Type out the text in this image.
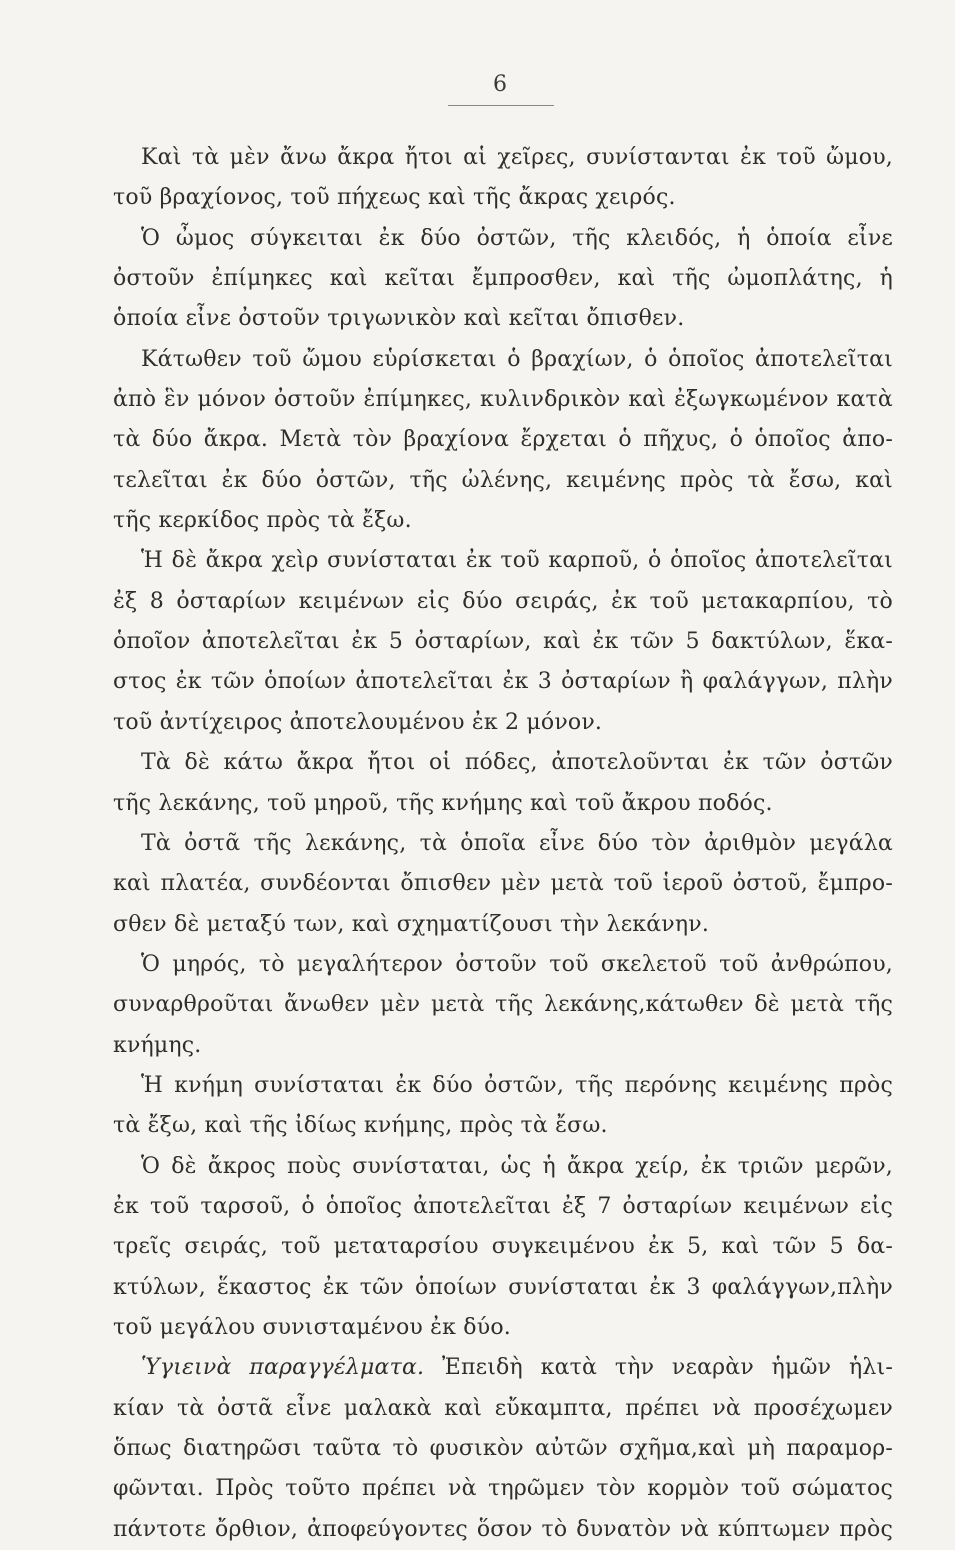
6
Καὶ τὰ μὲν ἄνω ἄκρα ἤτοι αἱ χεῖρες, συνίστανται ἐκ τοῦ ὤμου,
τοῦ βραχίονος, τοῦ πήχεως καὶ τῆς ἄκρας χειρός.
Ὁ ὦμος σύγκειται ἐκ δύο ὀστῶν, τῆς κλειδός, ἡ ὁποία εἶνε
ὀστοῦν ἐπίμηκες καὶ κεῖται ἔμπροσθεν, καὶ τῆς ὠμοπλάτης, ἡ
ὁποία εἶνε ὀστοῦν τριγωνικὸν καὶ κεῖται ὄπισθεν.
Κάτωθεν τοῦ ὤμου εὑρίσκεται ὁ βραχίων, ὁ ὁποῖος ἀποτελεῖται
ἀπὸ ἓν μόνον ὀστοῦν ἐπίμηκες, κυλινδρικὸν καὶ ἐξωγκωμένον κατὰ
τὰ δύο ἄκρα. Μετὰ τὸν βραχίονα ἔρχεται ὁ πῆχυς, ὁ ὁποῖος ἀπο-
τελεῖται ἐκ δύο ὀστῶν, τῆς ὠλένης, κειμένης πρὸς τὰ ἔσω, καὶ
τῆς κερκίδος πρὸς τὰ ἔξω.
Ἡ δὲ ἄκρα χεὶρ συνίσταται ἐκ τοῦ καρποῦ, ὁ ὁποῖος ἀποτελεῖται
ἐξ 8 ὀσταρίων κειμένων εἰς δύο σειράς, ἐκ τοῦ μετακαρπίου, τὸ
ὁποῖον ἀποτελεῖται ἐκ 5 ὀσταρίων, καὶ ἐκ τῶν 5 δακτύλων, ἕκα-
στος ἐκ τῶν ὁποίων ἀποτελεῖται ἐκ 3 ὀσταρίων ἢ φαλάγγων, πλὴν
τοῦ ἀντίχειρος ἀποτελουμένου ἐκ 2 μόνον.
Τὰ δὲ κάτω ἄκρα ἤτοι οἱ πόδες, ἀποτελοῦνται ἐκ τῶν ὀστῶν
τῆς λεκάνης, τοῦ μηροῦ, τῆς κνήμης καὶ τοῦ ἄκρου ποδός.
Τὰ ὀστᾶ τῆς λεκάνης, τὰ ὁποῖα εἶνε δύο τὸν ἀριθμὸν μεγάλα
καὶ πλατέα, συνδέονται ὄπισθεν μὲν μετὰ τοῦ ἱεροῦ ὀστοῦ, ἔμπρο-
σθεν δὲ μεταξύ των, καὶ σχηματίζουσι τὴν λεκάνην.
Ὁ μηρός, τὸ μεγαλήτερον ὀστοῦν τοῦ σκελετοῦ τοῦ ἀνθρώπου,
συναρθροῦται ἄνωθεν μὲν μετὰ τῆς λεκάνης,κάτωθεν δὲ μετὰ τῆς
κνήμης.
Ἡ κνήμη συνίσταται ἐκ δύο ὀστῶν, τῆς περόνης κειμένης πρὸς
τὰ ἔξω, καὶ τῆς ἰδίως κνήμης, πρὸς τὰ ἔσω.
Ὁ δὲ ἄκρος ποὺς συνίσταται, ὡς ἡ ἄκρα χείρ, ἐκ τριῶν μερῶν,
ἐκ τοῦ ταρσοῦ, ὁ ὁποῖος ἀποτελεῖται ἐξ 7 ὀσταρίων κειμένων εἰς
τρεῖς σειράς, τοῦ μεταταρσίου συγκειμένου ἐκ 5, καὶ τῶν 5 δα-
κτύλων, ἕκαστος ἐκ τῶν ὁποίων συνίσταται ἐκ 3 φαλάγγων,πλὴν
τοῦ μεγάλου συνισταμένου ἐκ δύο.
Ὑγιεινὰ παραγγέλματα. Ἐπειδὴ κατὰ τὴν νεαρὰν ἡμῶν ἡλι-
κίαν τὰ ὀστᾶ εἶνε μαλακὰ καὶ εὔκαμπτα, πρέπει νὰ προσέχωμεν
ὅπως διατηρῶσι ταῦτα τὸ φυσικὸν αὐτῶν σχῆμα,καὶ μὴ παραμορ-
φῶνται. Πρὸς τοῦτο πρέπει νὰ τηρῶμεν τὸν κορμὸν τοῦ σώματος
πάντοτε ὄρθιον, ἀποφεύγοντες ὅσον τὸ δυνατὸν νὰ κύπτωμεν πρὸς
